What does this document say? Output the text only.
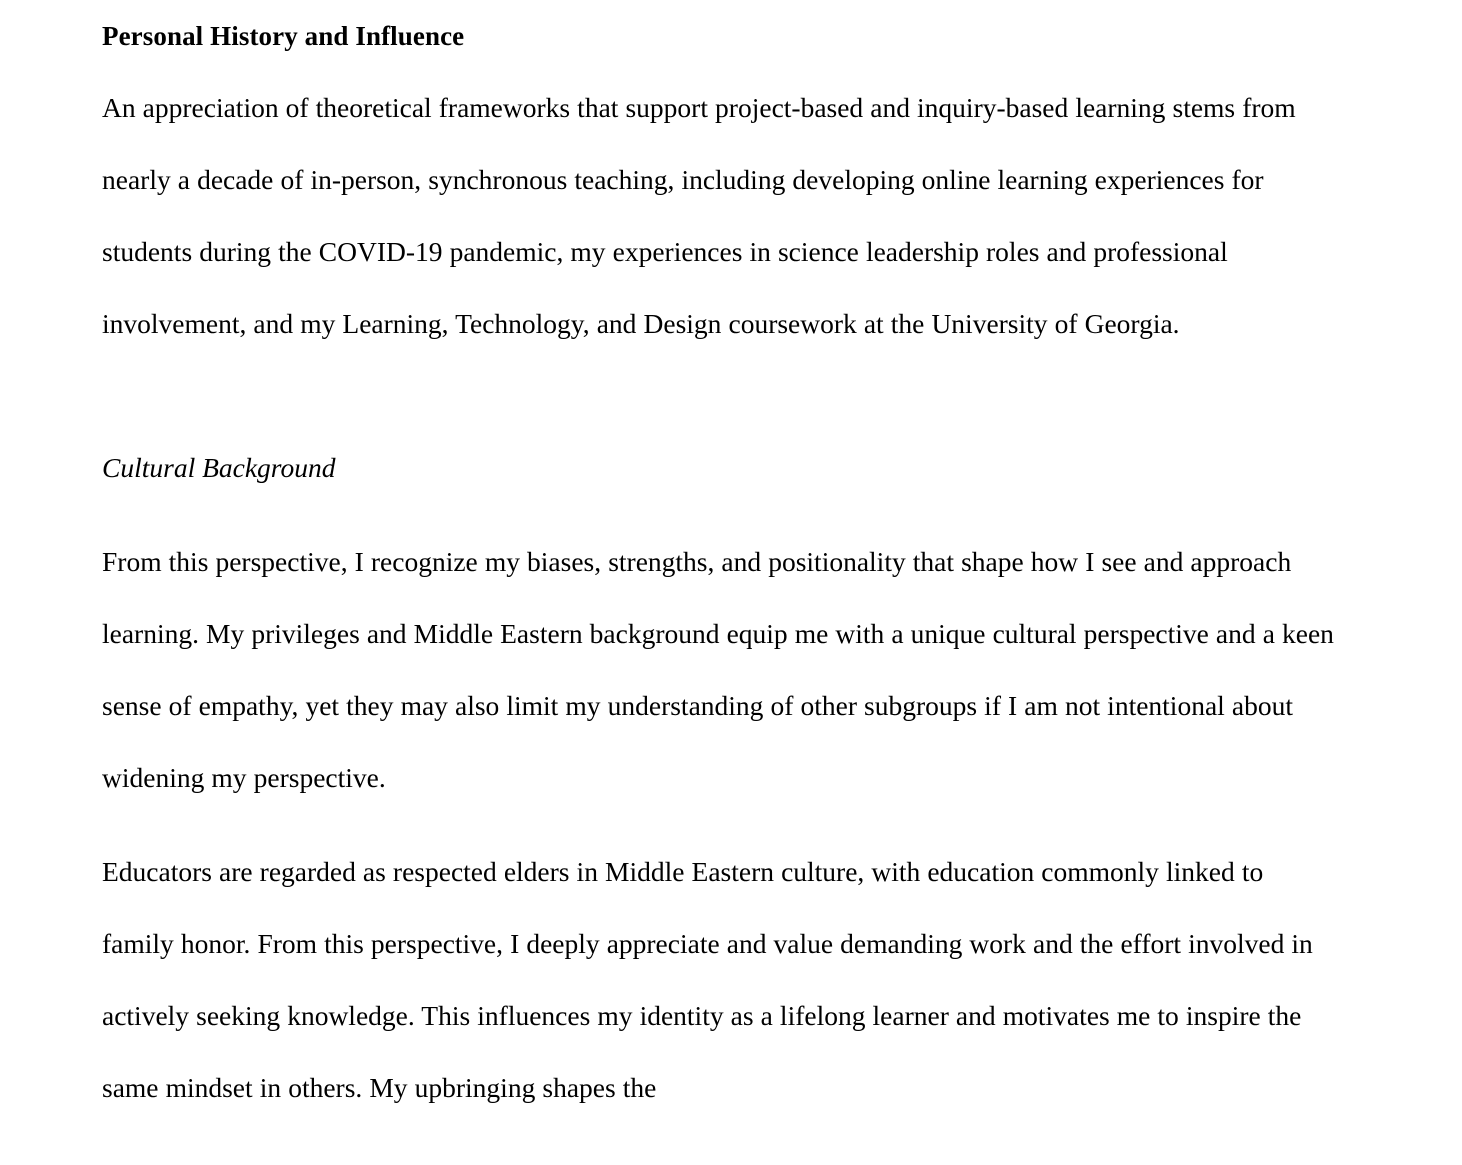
Personal History and Influence

An appreciation of theoretical frameworks that support project-based and inquiry-based learning stems from nearly a decade of in-person, synchronous teaching, including developing online learning experiences for students during the COVID-19 pandemic, my experiences in science leadership roles and professional involvement, and my Learning, Technology, and Design coursework at the University of Georgia.

Cultural Background

From this perspective, I recognize my biases, strengths, and positionality that shape how I see and approach learning. My privileges and Middle Eastern background equip me with a unique cultural perspective and a keen sense of empathy, yet they may also limit my understanding of other subgroups if I am not intentional about widening my perspective.

Educators are regarded as respected elders in Middle Eastern culture, with education commonly linked to family honor. From this perspective, I deeply appreciate and value demanding work and the effort involved in actively seeking knowledge. This influences my identity as a lifelong learner and motivates me to inspire the same mindset in others. My upbringing shapes the
